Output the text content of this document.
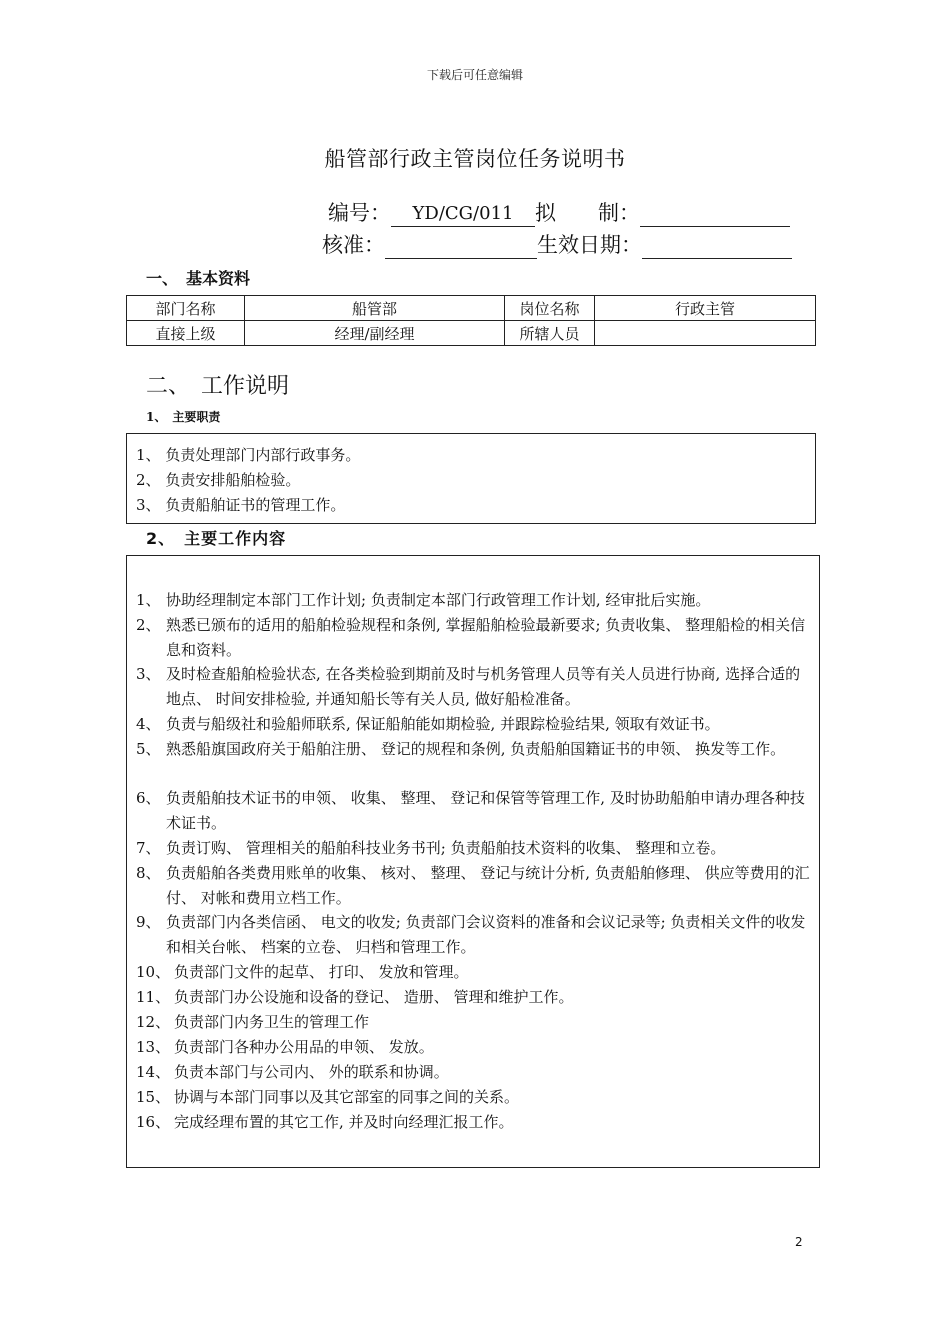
下载后可任意编辑
船管部行政主管岗位任务说明书
编号： YD/CG/011 拟　　制：
核准：	生效日期：
一、　基本资料
部门名称	船管部	岗位名称	行政主管
直接上级	经理/副经理	所辖人员	
二、　工作说明
1、　主要职责
1、 负责处理部门内部行政事务。
2、 负责安排船舶检验。
3、 负责船舶证书的管理工作。
2、　主要工作内容
1、 协助经理制定本部门工作计划; 负责制定本部门行政管理工作计划, 经审批后实施。
2、 熟悉已颁布的适用的船舶检验规程和条例, 掌握船舶检验最新要求; 负责收集、 整理船检的相关信息和资料。
3、 及时检查船舶检验状态, 在各类检验到期前及时与机务管理人员等有关人员进行协商, 选择合适的地点、 时间安排检验, 并通知船长等有关人员, 做好船检准备。
4、 负责与船级社和验船师联系, 保证船舶能如期检验, 并跟踪检验结果, 领取有效证书。
5、 熟悉船旗国政府关于船舶注册、 登记的规程和条例, 负责船舶国籍证书的申领、 换发等工作。
6、 负责船舶技术证书的申领、 收集、 整理、 登记和保管等管理工作, 及时协助船舶申请办理各种技术证书。
7、 负责订购、 管理相关的船舶科技业务书刊; 负责船舶技术资料的收集、 整理和立卷。
8、 负责船舶各类费用账单的收集、 核对、 整理、 登记与统计分析, 负责船舶修理、 供应等费用的汇付、 对帐和费用立档工作。
9、 负责部门内各类信函、 电文的收发; 负责部门会议资料的准备和会议记录等; 负责相关文件的收发和相关台帐、 档案的立卷、 归档和管理工作。
10、 负责部门文件的起草、 打印、 发放和管理。
11、 负责部门办公设施和设备的登记、 造册、 管理和维护工作。
12、 负责部门内务卫生的管理工作
13、 负责部门各种办公用品的申领、 发放。
14、 负责本部门与公司内、 外的联系和协调。
15、 协调与本部门同事以及其它部室的同事之间的关系。
16、 完成经理布置的其它工作, 并及时向经理汇报工作。
2
